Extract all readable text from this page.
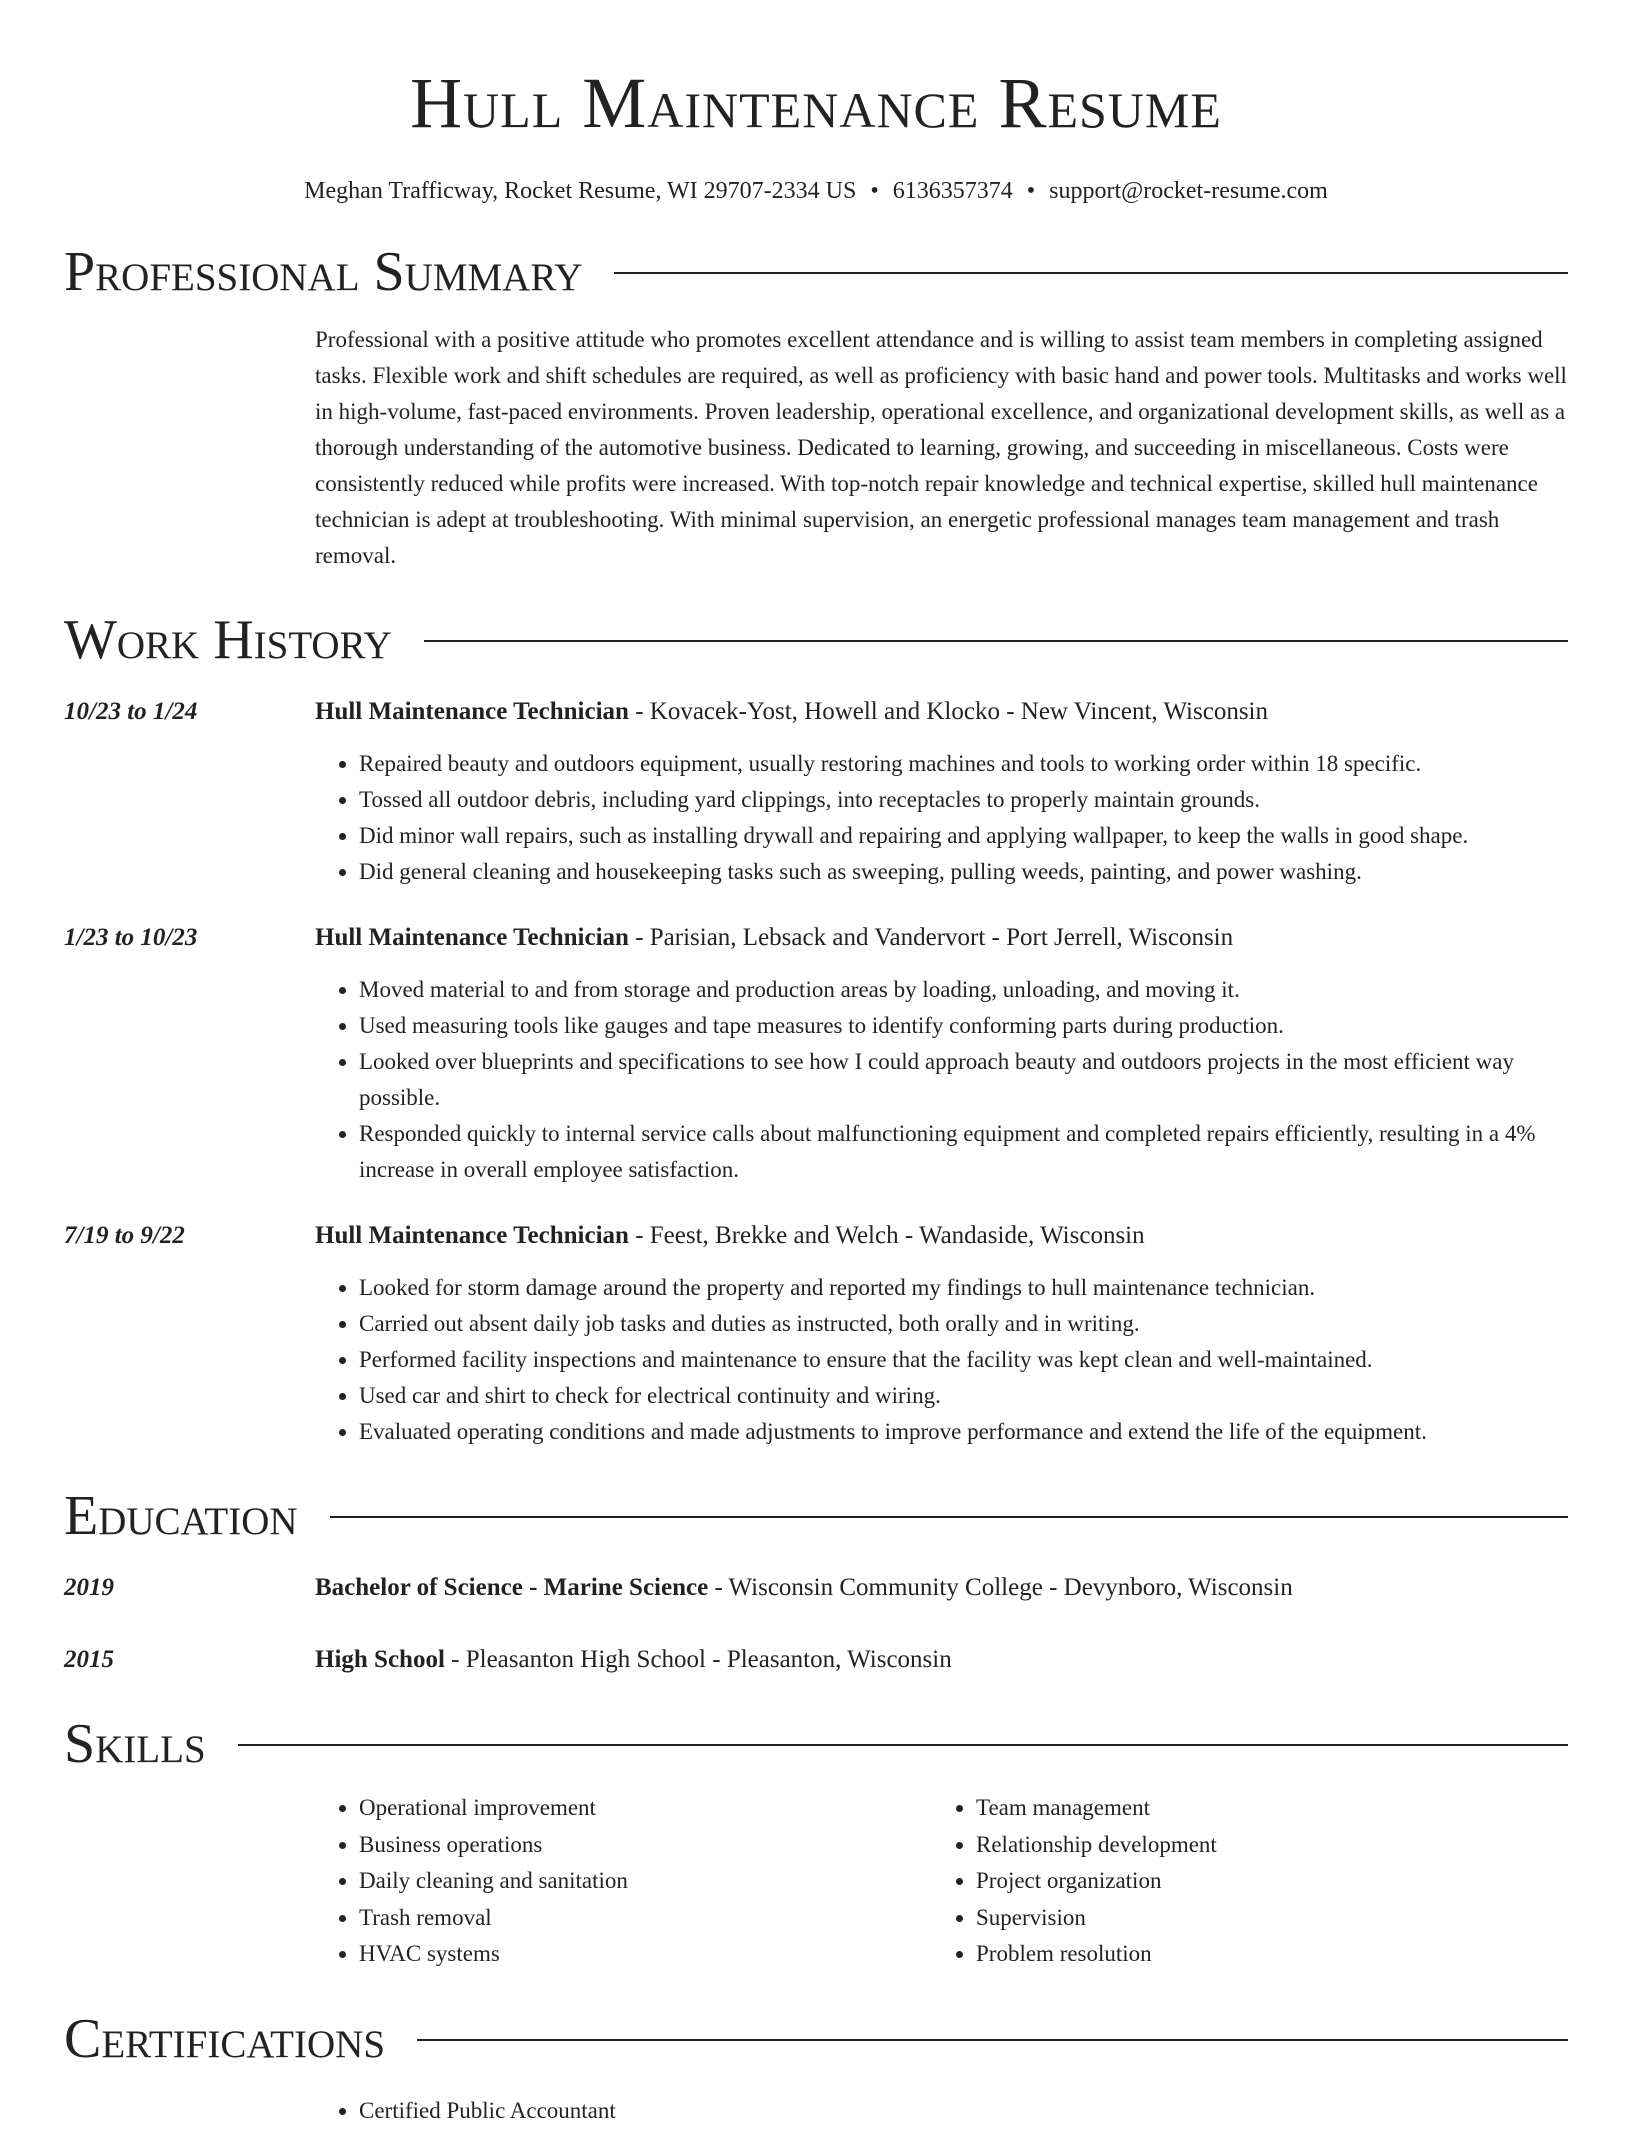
Hull Maintenance Resume
Meghan Trafficway, Rocket Resume, WI 29707-2334 US • 6136357374 • support@rocket-resume.com
Professional Summary
Professional with a positive attitude who promotes excellent attendance and is willing to assist team members in completing assigned tasks. Flexible work and shift schedules are required, as well as proficiency with basic hand and power tools. Multitasks and works well in high-volume, fast-paced environments. Proven leadership, operational excellence, and organizational development skills, as well as a thorough understanding of the automotive business. Dedicated to learning, growing, and succeeding in miscellaneous. Costs were consistently reduced while profits were increased. With top-notch repair knowledge and technical expertise, skilled hull maintenance technician is adept at troubleshooting. With minimal supervision, an energetic professional manages team management and trash removal.
Work History
10/23 to 1/24	Hull Maintenance Technician - Kovacek-Yost, Howell and Klocko - New Vincent, Wisconsin
• Repaired beauty and outdoors equipment, usually restoring machines and tools to working order within 18 specific.
• Tossed all outdoor debris, including yard clippings, into receptacles to properly maintain grounds.
• Did minor wall repairs, such as installing drywall and repairing and applying wallpaper, to keep the walls in good shape.
• Did general cleaning and housekeeping tasks such as sweeping, pulling weeds, painting, and power washing.
1/23 to 10/23	Hull Maintenance Technician - Parisian, Lebsack and Vandervort - Port Jerrell, Wisconsin
• Moved material to and from storage and production areas by loading, unloading, and moving it.
• Used measuring tools like gauges and tape measures to identify conforming parts during production.
• Looked over blueprints and specifications to see how I could approach beauty and outdoors projects in the most efficient way possible.
• Responded quickly to internal service calls about malfunctioning equipment and completed repairs efficiently, resulting in a 4% increase in overall employee satisfaction.
7/19 to 9/22	Hull Maintenance Technician - Feest, Brekke and Welch - Wandaside, Wisconsin
• Looked for storm damage around the property and reported my findings to hull maintenance technician.
• Carried out absent daily job tasks and duties as instructed, both orally and in writing.
• Performed facility inspections and maintenance to ensure that the facility was kept clean and well-maintained.
• Used car and shirt to check for electrical continuity and wiring.
• Evaluated operating conditions and made adjustments to improve performance and extend the life of the equipment.
Education
2019	Bachelor of Science - Marine Science - Wisconsin Community College - Devynboro, Wisconsin
2015	High School - Pleasanton High School - Pleasanton, Wisconsin
Skills
• Operational improvement
• Business operations
• Daily cleaning and sanitation
• Trash removal
• HVAC systems
• Team management
• Relationship development
• Project organization
• Supervision
• Problem resolution
Certifications
• Certified Public Accountant
